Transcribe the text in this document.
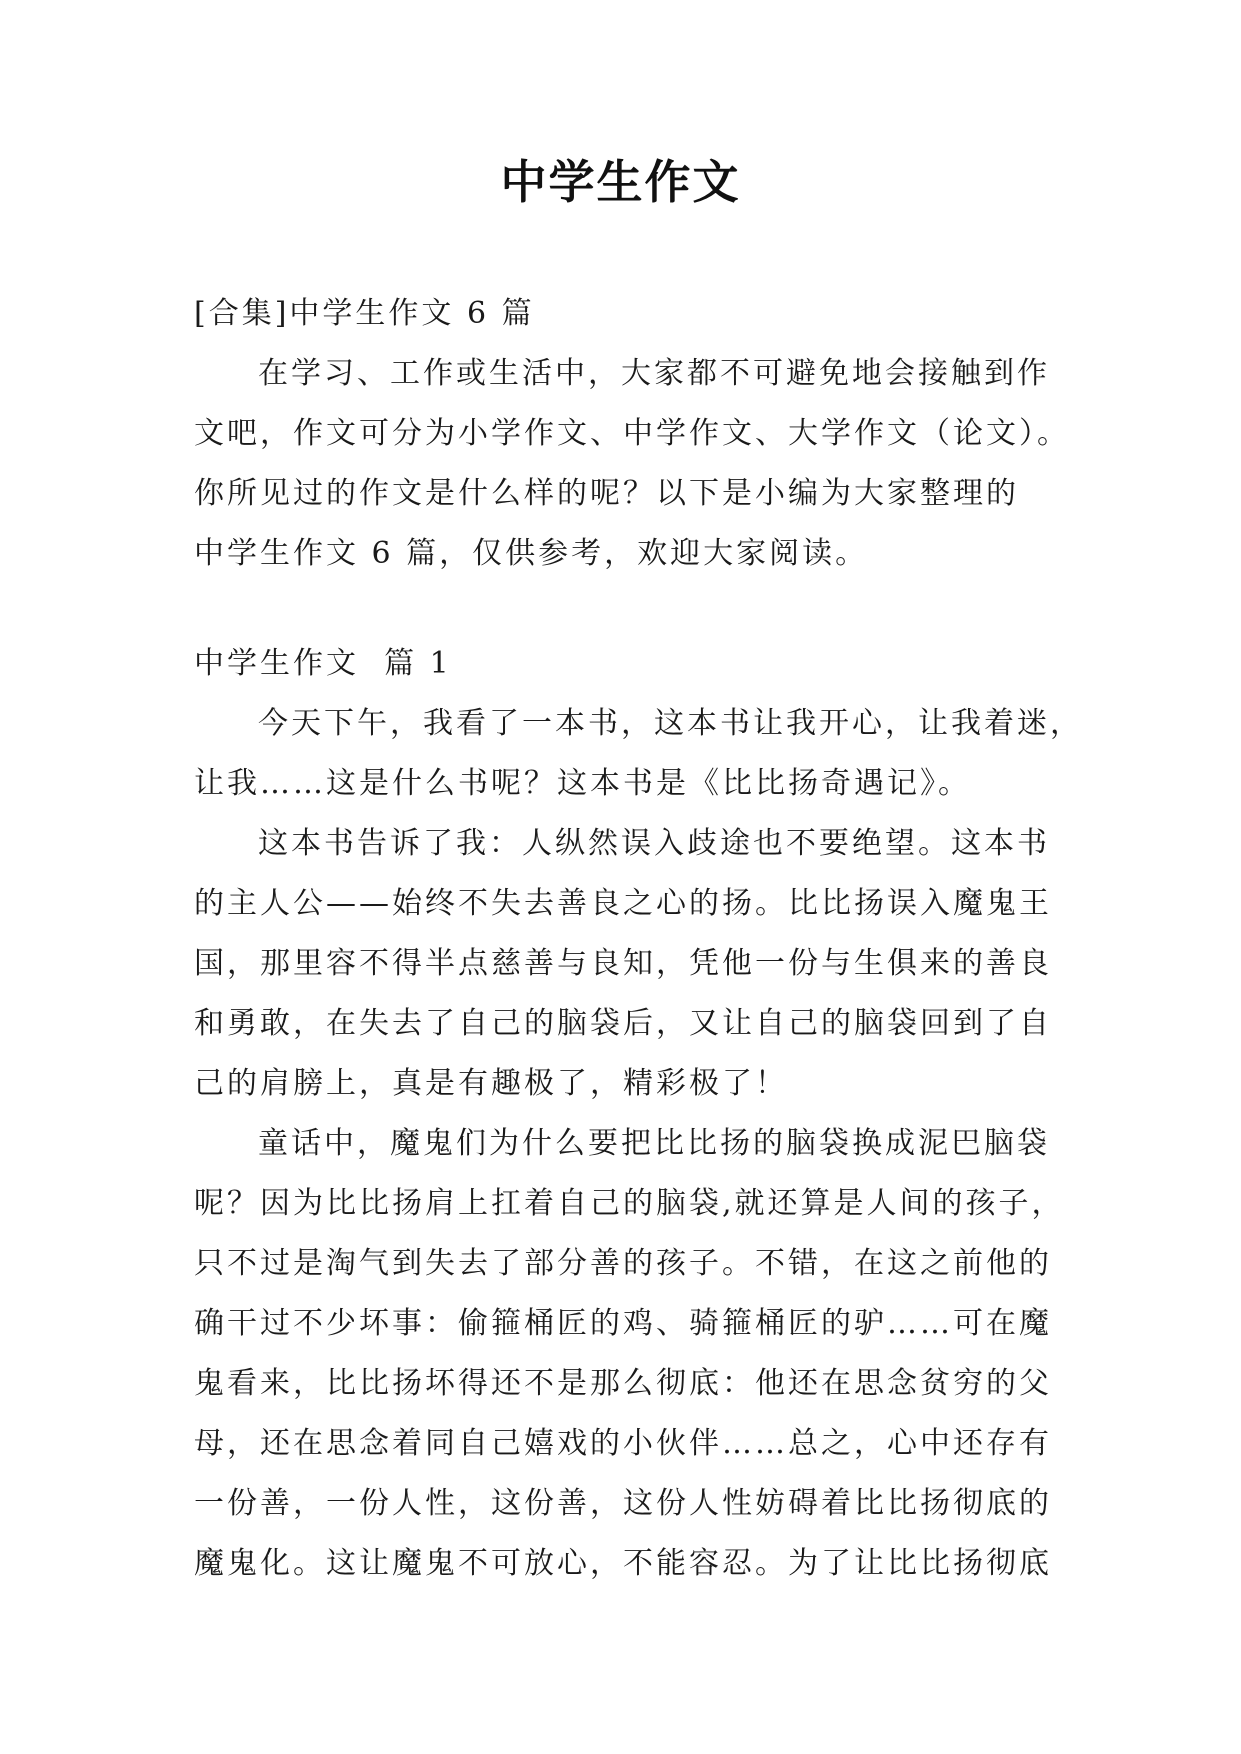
中学生作文
[合集]中学生作文 6 篇
在学习、工作或生活中，大家都不可避免地会接触到作
文吧，作文可分为小学作文、中学作文、大学作文（论文）。
你所见过的作文是什么样的呢？以下是小编为大家整理的
中学生作文 6 篇，仅供参考，欢迎大家阅读。
中学生作文  篇 1
今天下午，我看了一本书，这本书让我开心，让我着迷，
让我……这是什么书呢？这本书是《比比扬奇遇记》。
这本书告诉了我：人纵然误入歧途也不要绝望。这本书
的主人公——始终不失去善良之心的扬。比比扬误入魔鬼王
国，那里容不得半点慈善与良知，凭他一份与生俱来的善良
和勇敢，在失去了自己的脑袋后，又让自己的脑袋回到了自
己的肩膀上，真是有趣极了，精彩极了！
童话中，魔鬼们为什么要把比比扬的脑袋换成泥巴脑袋
呢？因为比比扬肩上扛着自己的脑袋,就还算是人间的孩子，
只不过是淘气到失去了部分善的孩子。不错，在这之前他的
确干过不少坏事：偷箍桶匠的鸡、骑箍桶匠的驴……可在魔
鬼看来，比比扬坏得还不是那么彻底：他还在思念贫穷的父
母，还在思念着同自己嬉戏的小伙伴……总之，心中还存有
一份善，一份人性，这份善，这份人性妨碍着比比扬彻底的
魔鬼化。这让魔鬼不可放心，不能容忍。为了让比比扬彻底
